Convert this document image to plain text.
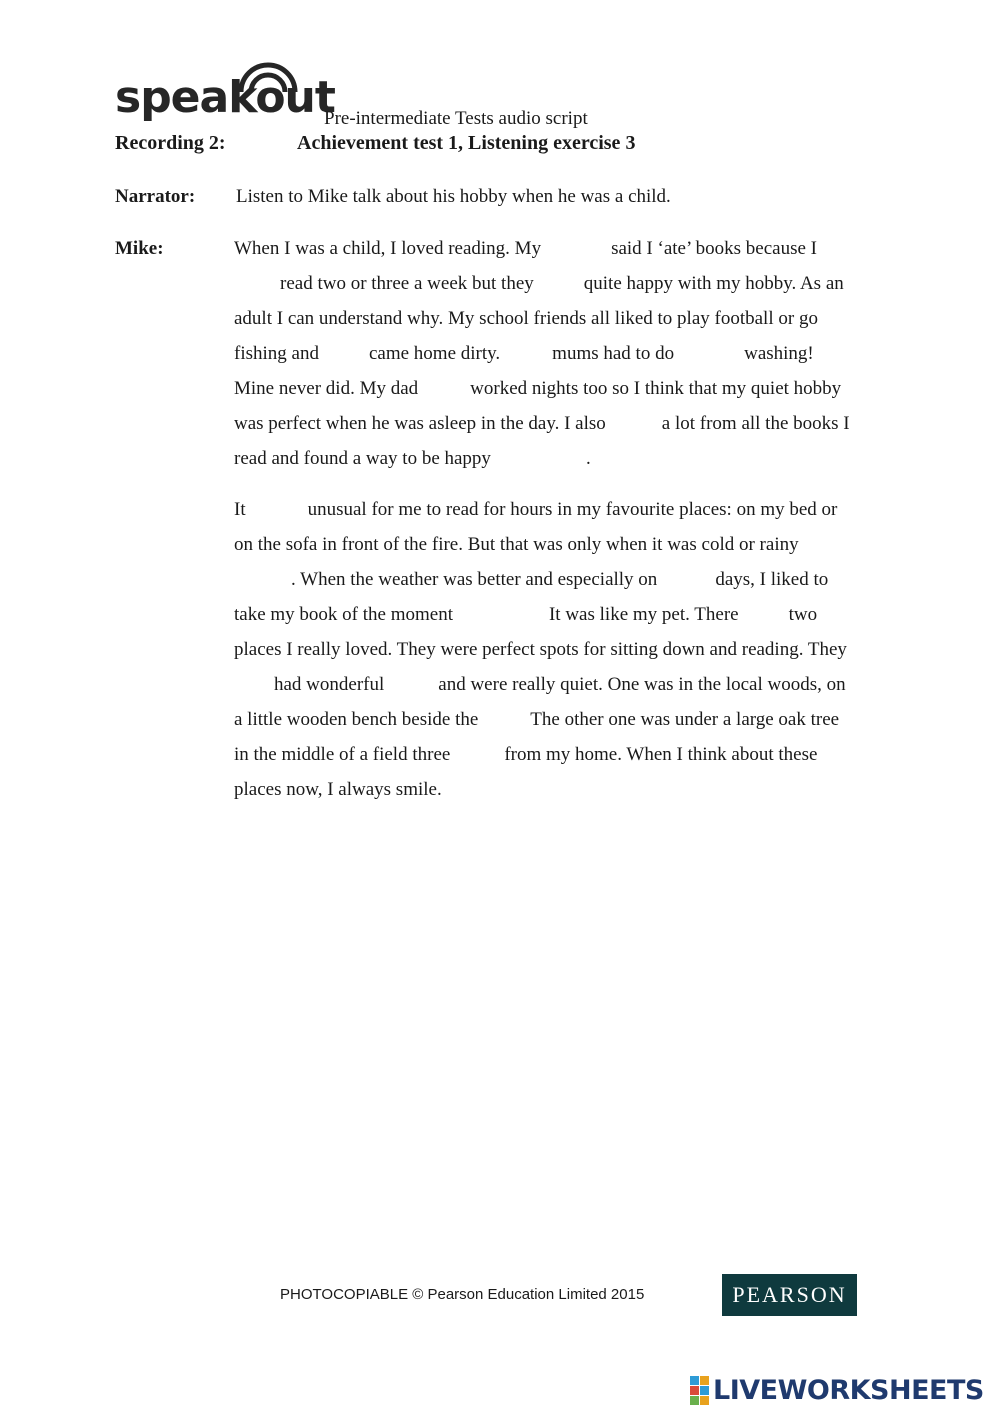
speakout
Pre-intermediate Tests audio script
Recording 2:	Achievement test 1, Listening exercise 3
Narrator: Listen to Mike talk about his hobby when he was a child.
Mike:	When I was a child, I loved reading. My	said I ‘ate’ books because I
read two or three a week but they	quite happy with my hobby. As an
adult I can understand why. My school friends all liked to play football or go
fishing and	came home dirty.	mums had to do	washing!
Mine never did. My dad	worked nights too so I think that my quiet hobby
was perfect when he was asleep in the day. I also	a lot from all the books I
read and found a way to be happy	.
It	unusual for me to read for hours in my favourite places: on my bed or
on the sofa in front of the fire. But that was only when it was cold or rainy
. When the weather was better and especially on	days, I liked to
take my book of the moment	It was like my pet. There	two
places I really loved. They were perfect spots for sitting down and reading. They
had wonderful	and were really quiet. One was in the local woods, on
a little wooden bench beside the	The other one was under a large oak tree
in the middle of a field three	from my home. When I think about these
places now, I always smile.
PHOTOCOPIABLE © Pearson Education Limited 2015	PEARSON
LIVEWORKSHEETS
